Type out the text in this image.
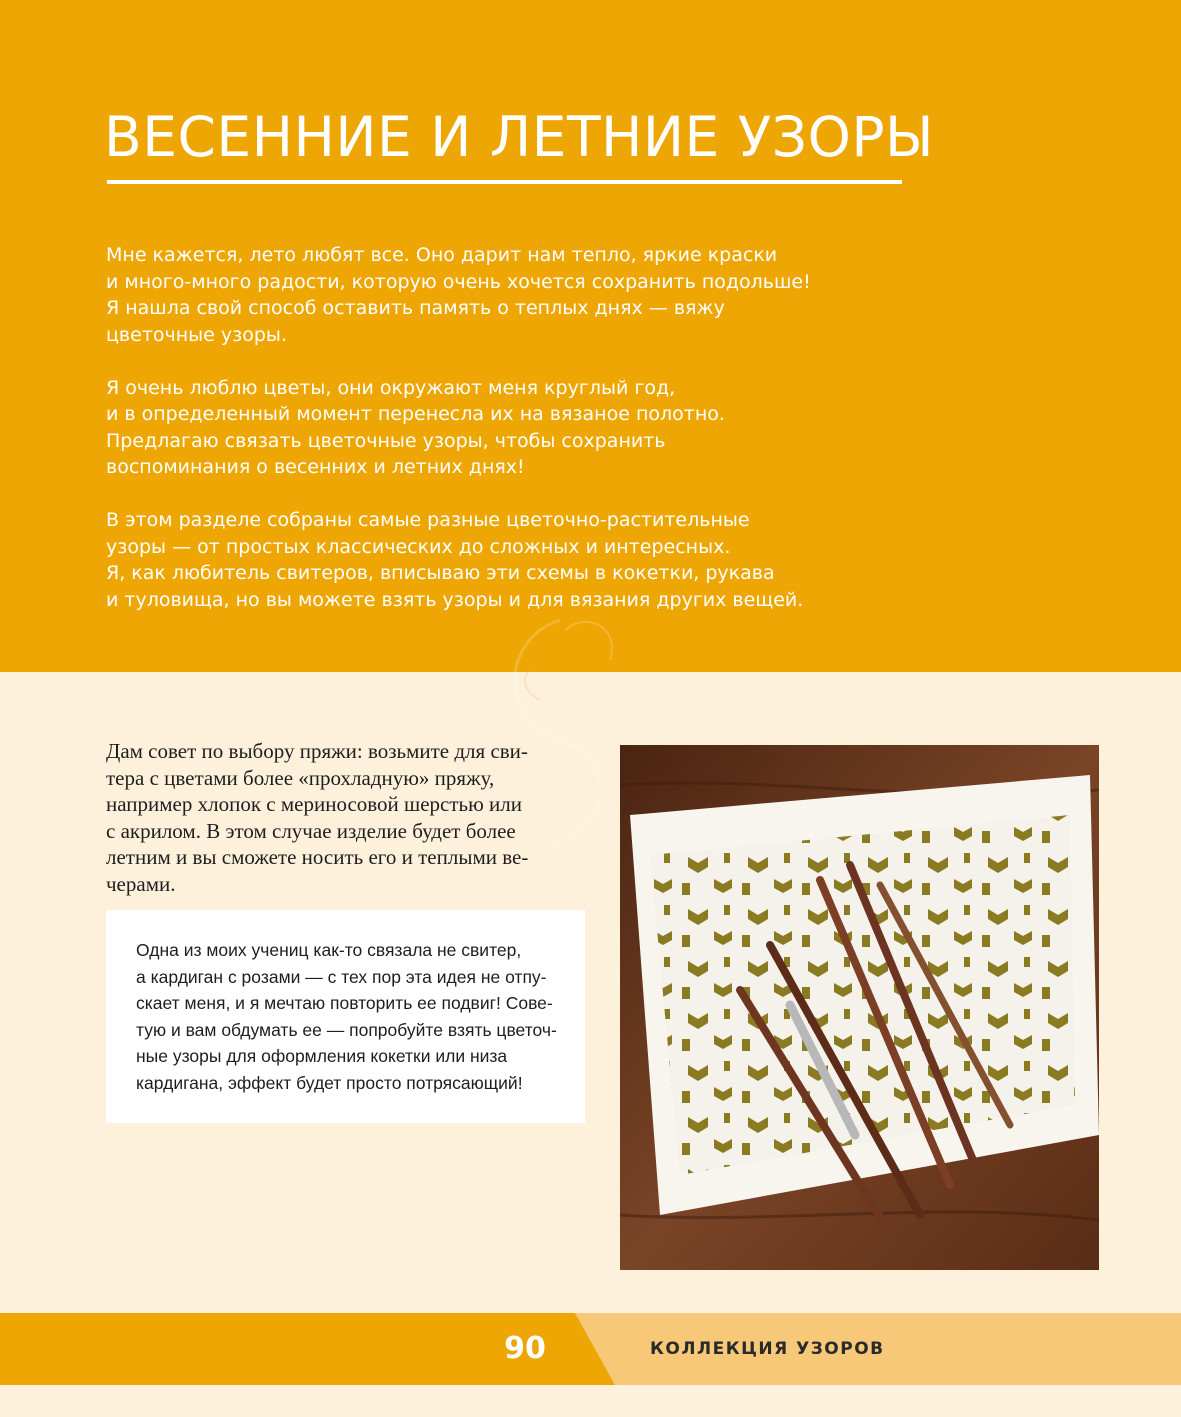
ВЕСЕННИЕ И ЛЕТНИЕ УЗОРЫ

Мне кажется, лето любят все. Оно дарит нам тепло, яркие краски
и много-много радости, которую очень хочется сохранить подольше!
Я нашла свой способ оставить память о теплых днях — вяжу
цветочные узоры.

Я очень люблю цветы, они окружают меня круглый год,
и в определенный момент перенесла их на вязаное полотно.
Предлагаю связать цветочные узоры, чтобы сохранить
воспоминания о весенних и летних днях!

В этом разделе собраны самые разные цветочно-растительные
узоры — от простых классических до сложных и интересных.
Я, как любитель свитеров, вписываю эти схемы в кокетки, рукава
и туловища, но вы можете взять узоры и для вязания других вещей.

Дам совет по выбору пряжи: возьмите для сви-
тера с цветами более «прохладную» пряжу,
например хлопок с мериносовой шерстью или
с акрилом. В этом случае изделие будет более
летним и вы сможете носить его и теплыми ве-
черами.

Одна из моих учениц как-то связала не свитер,
а кардиган с розами — с тех пор эта идея не отпу-
скает меня, и я мечтаю повторить ее подвиг! Сове-
тую и вам обдумать ее — попробуйте взять цветоч-
ные узоры для оформления кокетки или низа
кардигана, эффект будет просто потрясающий!

90	КОЛЛЕКЦИЯ УЗОРОВ
